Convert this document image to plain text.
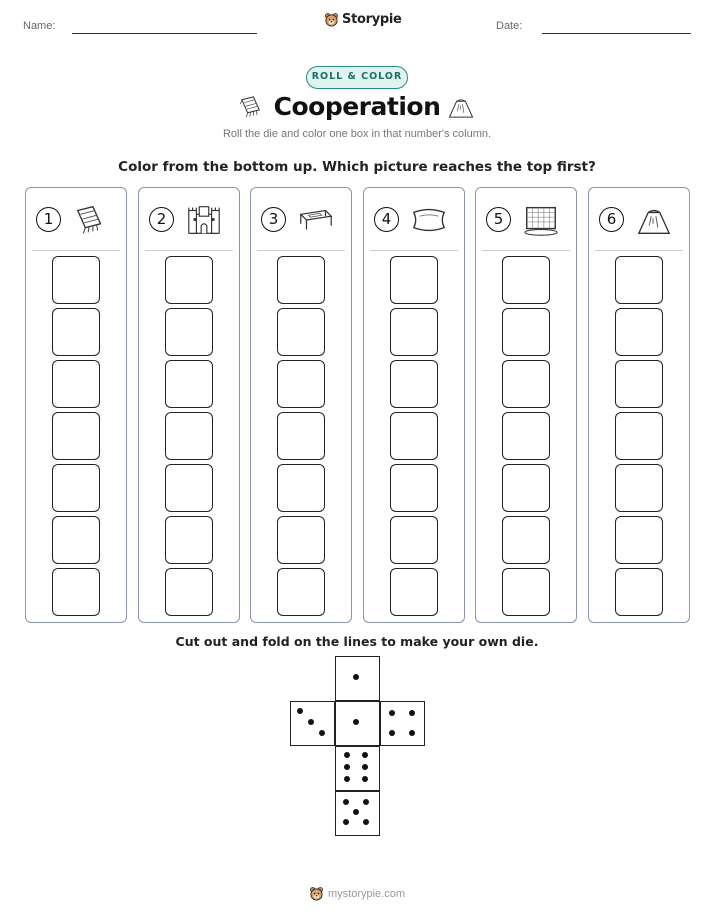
Name:	Storypie	Date:
ROLL & COLOR
Cooperation
Roll the die and color one box in that number's column.
Color from the bottom up. Which picture reaches the top first?
1	2	3	4	5	6
Cut out and fold on the lines to make your own die.
mystorypie.com
